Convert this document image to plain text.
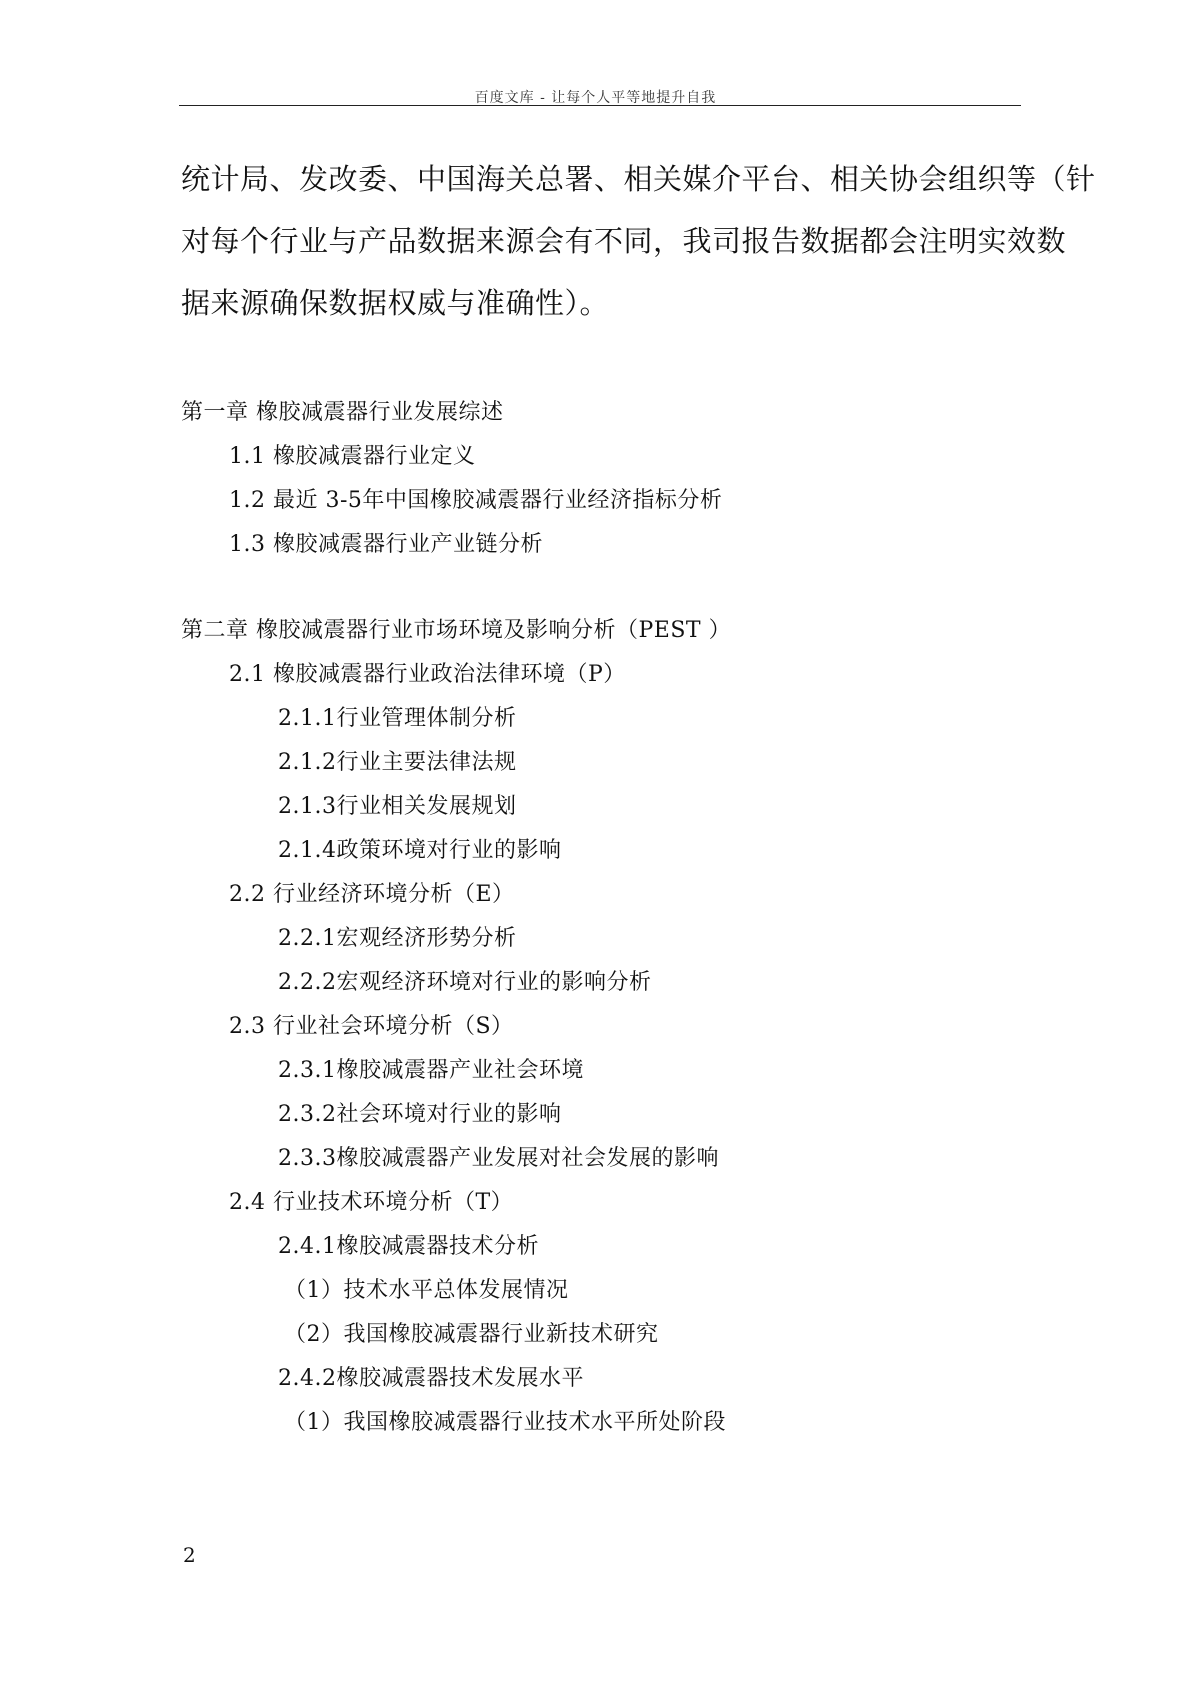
百度文库 - 让每个人平等地提升自我
统计局、发改委、中国海关总署、相关媒介平台、相关协会组织等（针
对每个行业与产品数据来源会有不同，我司报告数据都会注明实效数
据来源确保数据权威与准确性）。
第一章 橡胶减震器行业发展综述
1.1 橡胶减震器行业定义
1.2 最近 3-5年中国橡胶减震器行业经济指标分析
1.3 橡胶减震器行业产业链分析
第二章 橡胶减震器行业市场环境及影响分析（PEST ）
2.1 橡胶减震器行业政治法律环境（P）
2.1.1行业管理体制分析
2.1.2行业主要法律法规
2.1.3行业相关发展规划
2.1.4政策环境对行业的影响
2.2 行业经济环境分析（E）
2.2.1宏观经济形势分析
2.2.2宏观经济环境对行业的影响分析
2.3 行业社会环境分析（S）
2.3.1橡胶减震器产业社会环境
2.3.2社会环境对行业的影响
2.3.3橡胶减震器产业发展对社会发展的影响
2.4 行业技术环境分析（T）
2.4.1橡胶减震器技术分析
（1）技术水平总体发展情况
（2）我国橡胶减震器行业新技术研究
2.4.2橡胶减震器技术发展水平
（1）我国橡胶减震器行业技术水平所处阶段
2
